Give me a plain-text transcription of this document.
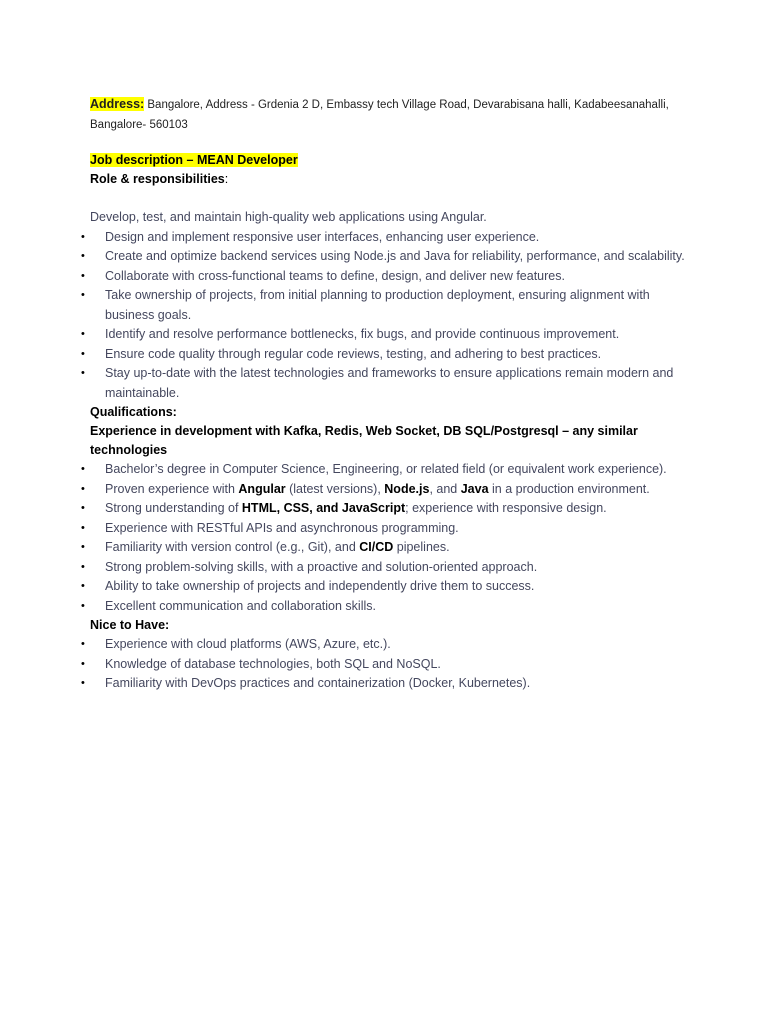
Address: Bangalore, Address - Grdenia 2 D, Embassy tech Village Road, Devarabisana halli, Kadabeesanahalli, Bangalore- 560103
Job description – MEAN Developer
Role & responsibilities:
Develop, test, and maintain high-quality web applications using Angular.
• Design and implement responsive user interfaces, enhancing user experience.
• Create and optimize backend services using Node.js and Java for reliability, performance, and scalability.
• Collaborate with cross-functional teams to define, design, and deliver new features.
• Take ownership of projects, from initial planning to production deployment, ensuring alignment with business goals.
• Identify and resolve performance bottlenecks, fix bugs, and provide continuous improvement.
• Ensure code quality through regular code reviews, testing, and adhering to best practices.
• Stay up-to-date with the latest technologies and frameworks to ensure applications remain modern and maintainable.
Qualifications:
Experience in development with Kafka, Redis, Web Socket, DB SQL/Postgresql – any similar technologies
• Bachelor’s degree in Computer Science, Engineering, or related field (or equivalent work experience).
• Proven experience with Angular (latest versions), Node.js, and Java in a production environment.
• Strong understanding of HTML, CSS, and JavaScript; experience with responsive design.
• Experience with RESTful APIs and asynchronous programming.
• Familiarity with version control (e.g., Git), and CI/CD pipelines.
• Strong problem-solving skills, with a proactive and solution-oriented approach.
• Ability to take ownership of projects and independently drive them to success.
• Excellent communication and collaboration skills.
Nice to Have:
• Experience with cloud platforms (AWS, Azure, etc.).
• Knowledge of database technologies, both SQL and NoSQL.
• Familiarity with DevOps practices and containerization (Docker, Kubernetes).
